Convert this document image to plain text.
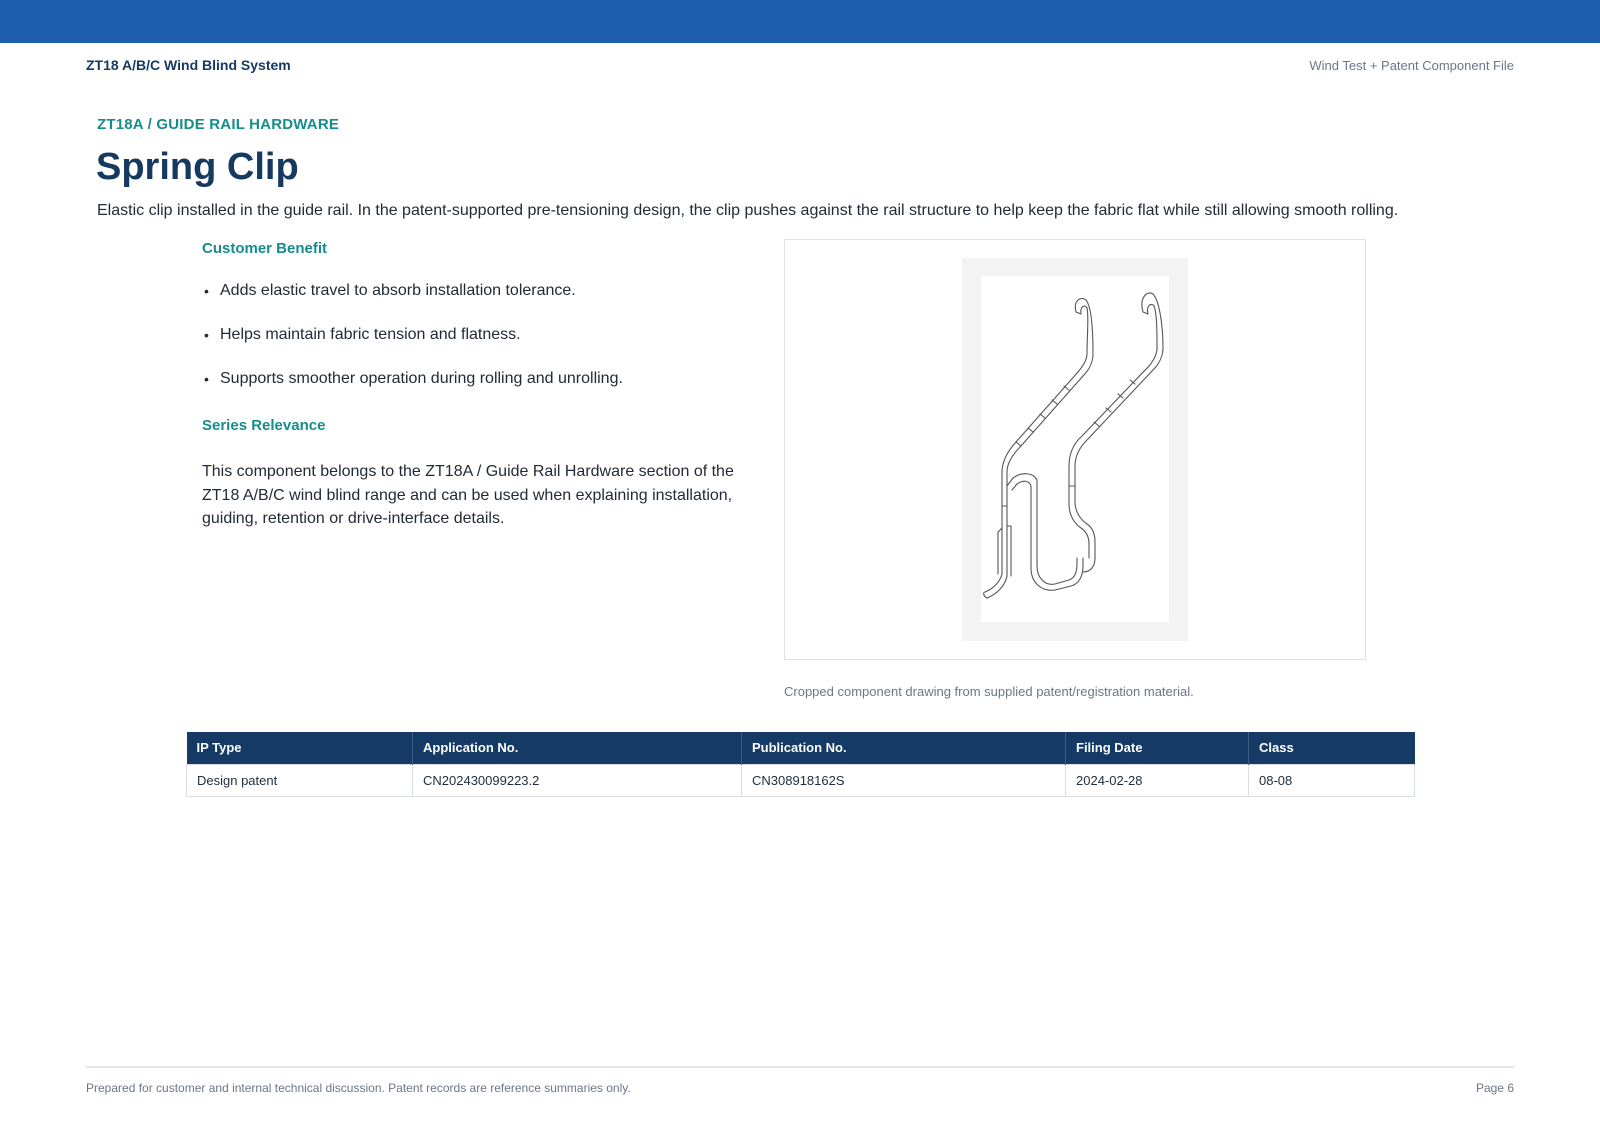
ZT18 A/B/C Wind Blind System	Wind Test + Patent Component File
ZT18A / GUIDE RAIL HARDWARE
Spring Clip

Elastic clip installed in the guide rail. In the patent-supported pre-tensioning design, the clip pushes against the rail structure to help keep the fabric flat while still allowing smooth rolling.

Customer Benefit
• Adds elastic travel to absorb installation tolerance.
• Helps maintain fabric tension and flatness.
• Supports smoother operation during rolling and unrolling.
Series Relevance

This component belongs to the ZT18A / Guide Rail Hardware section of the ZT18 A/B/C wind blind range and can be used when explaining installation, guiding, retention or drive-interface details.

Cropped component drawing from supplied patent/registration material.
IP Type	Application No.	Publication No.	Filing Date	Class
Design patent	CN202430099223.2	CN308918162S	2024-02-28	08-08
Prepared for customer and internal technical discussion. Patent records are reference summaries only.	Page 6
